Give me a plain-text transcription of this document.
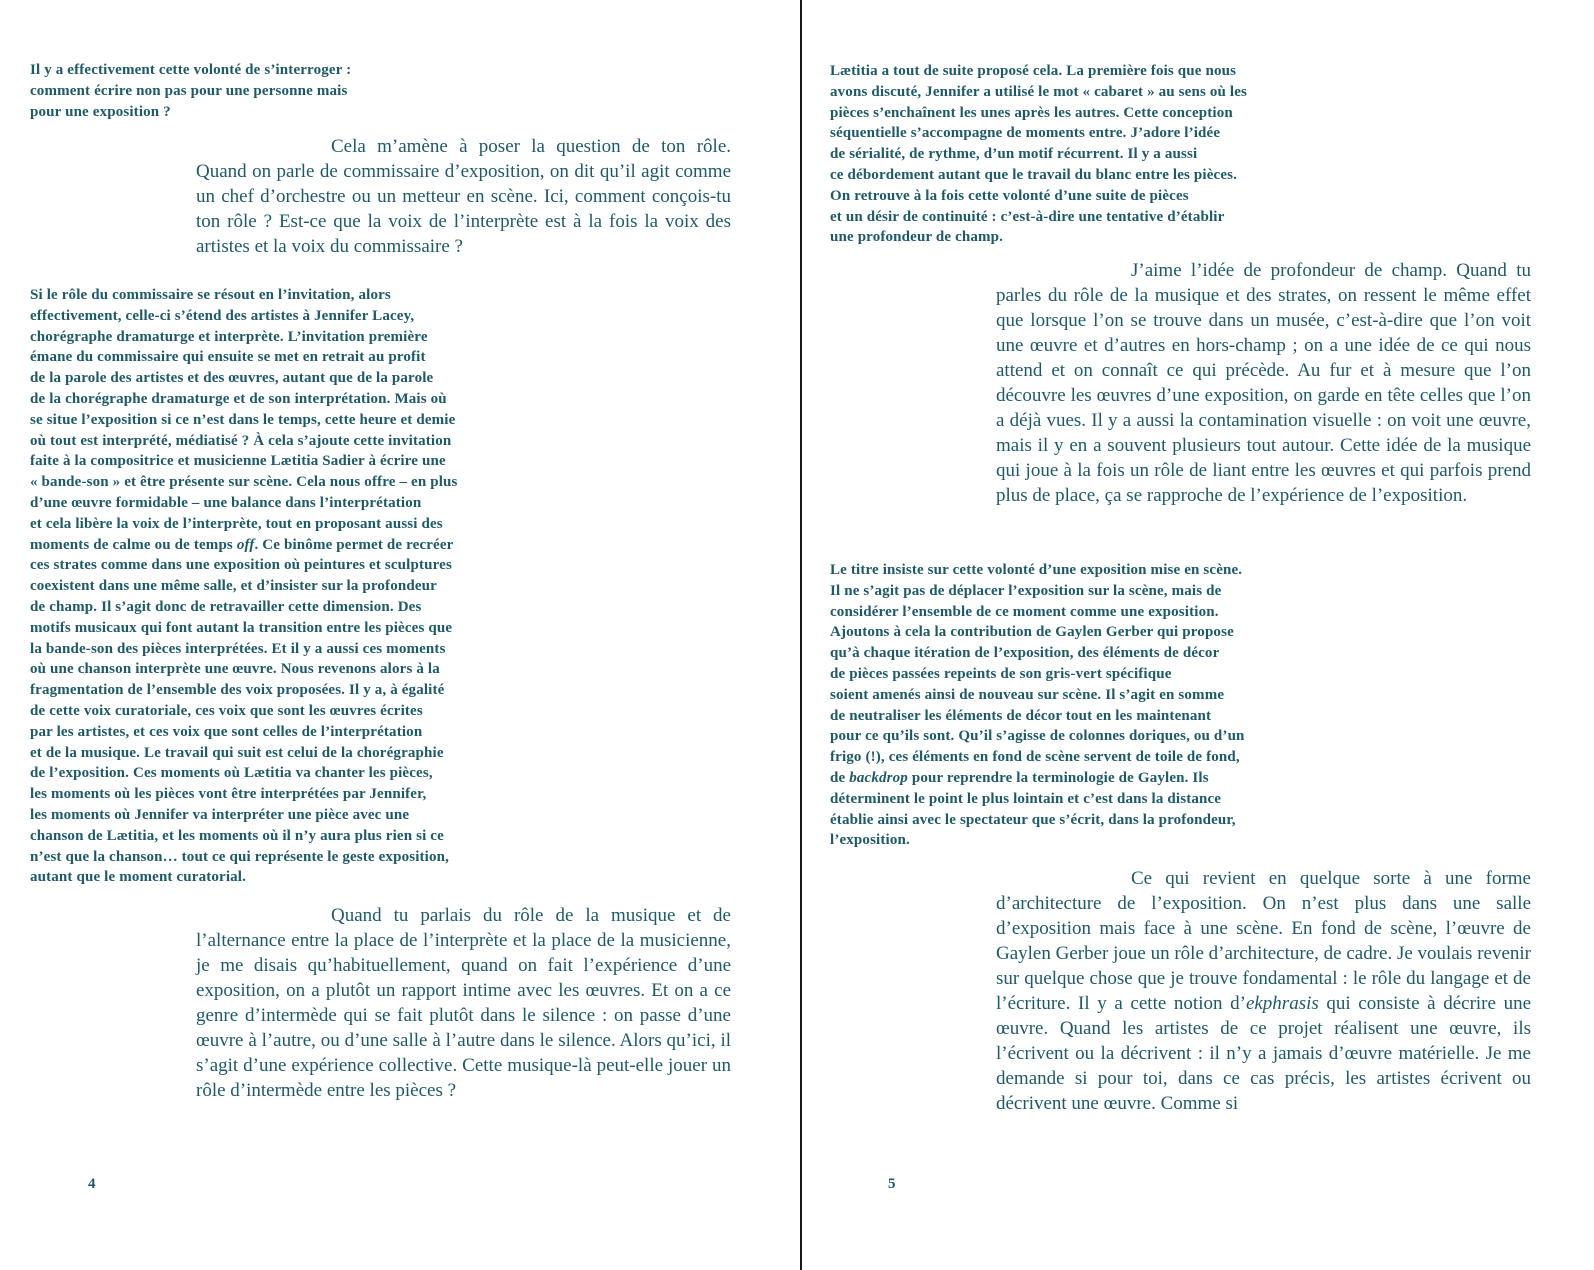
Il y a effectivement cette volonté de s’interroger :
comment écrire non pas pour une personne mais
pour une exposition ?

Cela m’amène à poser la question de ton rôle. Quand on parle de commissaire d’exposition, on dit qu’il agit comme un chef d’orchestre ou un metteur en scène. Ici, comment conçois-tu ton rôle ? Est-ce que la voix de l’interprète est à la fois la voix des artistes et la voix du commissaire ?

Si le rôle du commissaire se résout en l’invitation, alors
effectivement, celle-ci s’étend des artistes à Jennifer Lacey,
chorégraphe dramaturge et interprète. L’invitation première
émane du commissaire qui ensuite se met en retrait au profit
de la parole des artistes et des œuvres, autant que de la parole
de la chorégraphe dramaturge et de son interprétation. Mais où
se situe l’exposition si ce n’est dans le temps, cette heure et demie
où tout est interprété, médiatisé ? À cela s’ajoute cette invitation
faite à la compositrice et musicienne Lætitia Sadier à écrire une
« bande-son » et être présente sur scène. Cela nous offre – en plus
d’une œuvre formidable – une balance dans l’interprétation
et cela libère la voix de l’interprète, tout en proposant aussi des
moments de calme ou de temps off. Ce binôme permet de recréer
ces strates comme dans une exposition où peintures et sculptures
coexistent dans une même salle, et d’insister sur la profondeur
de champ. Il s’agit donc de retravailler cette dimension. Des
motifs musicaux qui font autant la transition entre les pièces que
la bande-son des pièces interprétées. Et il y a aussi ces moments
où une chanson interprète une œuvre. Nous revenons alors à la
fragmentation de l’ensemble des voix proposées. Il y a, à égalité
de cette voix curatoriale, ces voix que sont les œuvres écrites
par les artistes, et ces voix que sont celles de l’interprétation
et de la musique. Le travail qui suit est celui de la chorégraphie
de l’exposition. Ces moments où Lætitia va chanter les pièces,
les moments où les pièces vont être interprétées par Jennifer,
les moments où Jennifer va interpréter une pièce avec une
chanson de Lætitia, et les moments où il n’y aura plus rien si ce
n’est que la chanson… tout ce qui représente le geste exposition,
autant que le moment curatorial.

Quand tu parlais du rôle de la musique et de l’alternance entre la place de l’interprète et la place de la musicienne, je me disais qu’habituellement, quand on fait l’expérience d’une exposition, on a plutôt un rapport intime avec les œuvres. Et on a ce genre d’intermède qui se fait plutôt dans le silence : on passe d’une œuvre à l’autre, ou d’une salle à l’autre dans le silence. Alors qu’ici, il s’agit d’une expérience collective. Cette musique-là peut-elle jouer un rôle d’intermède entre les pièces ?

4
Lætitia a tout de suite proposé cela. La première fois que nous
avons discuté, Jennifer a utilisé le mot « cabaret » au sens où les
pièces s’enchaînent les unes après les autres. Cette conception
séquentielle s’accompagne de moments entre. J’adore l’idée
de sérialité, de rythme, d’un motif récurrent. Il y a aussi
ce débordement autant que le travail du blanc entre les pièces.
On retrouve à la fois cette volonté d’une suite de pièces
et un désir de continuité : c’est-à-dire une tentative d’établir
une profondeur de champ.

J’aime l’idée de profondeur de champ. Quand tu parles du rôle de la musique et des strates, on ressent le même effet que lorsque l’on se trouve dans un musée, c’est-à-dire que l’on voit une œuvre et d’autres en hors-champ ; on a une idée de ce qui nous attend et on connaît ce qui précède. Au fur et à mesure que l’on découvre les œuvres d’une exposition, on garde en tête celles que l’on a déjà vues. Il y a aussi la contamination visuelle : on voit une œuvre, mais il y en a souvent plusieurs tout autour. Cette idée de la musique qui joue à la fois un rôle de liant entre les œuvres et qui parfois prend plus de place, ça se rapproche de l’expérience de l’exposition.

Le titre insiste sur cette volonté d’une exposition mise en scène.
Il ne s’agit pas de déplacer l’exposition sur la scène, mais de
considérer l’ensemble de ce moment comme une exposition.
Ajoutons à cela la contribution de Gaylen Gerber qui propose
qu’à chaque itération de l’exposition, des éléments de décor
de pièces passées repeints de son gris-vert spécifique
soient amenés ainsi de nouveau sur scène. Il s’agit en somme
de neutraliser les éléments de décor tout en les maintenant
pour ce qu’ils sont. Qu’il s’agisse de colonnes doriques, ou d’un
frigo (!), ces éléments en fond de scène servent de toile de fond,
de backdrop pour reprendre la terminologie de Gaylen. Ils
déterminent le point le plus lointain et c’est dans la distance
établie ainsi avec le spectateur que s’écrit, dans la profondeur,
l’exposition.

Ce qui revient en quelque sorte à une forme d’architecture de l’exposition. On n’est plus dans une salle d’exposition mais face à une scène. En fond de scène, l’œuvre de Gaylen Gerber joue un rôle d’architecture, de cadre. Je voulais revenir sur quelque chose que je trouve fondamental : le rôle du langage et de l’écriture. Il y a cette notion d’ekphrasis qui consiste à décrire une œuvre. Quand les artistes de ce projet réalisent une œuvre, ils l’écrivent ou la décrivent : il n’y a jamais d’œuvre matérielle. Je me demande si pour toi, dans ce cas précis, les artistes écrivent ou décrivent une œuvre. Comme si

5
